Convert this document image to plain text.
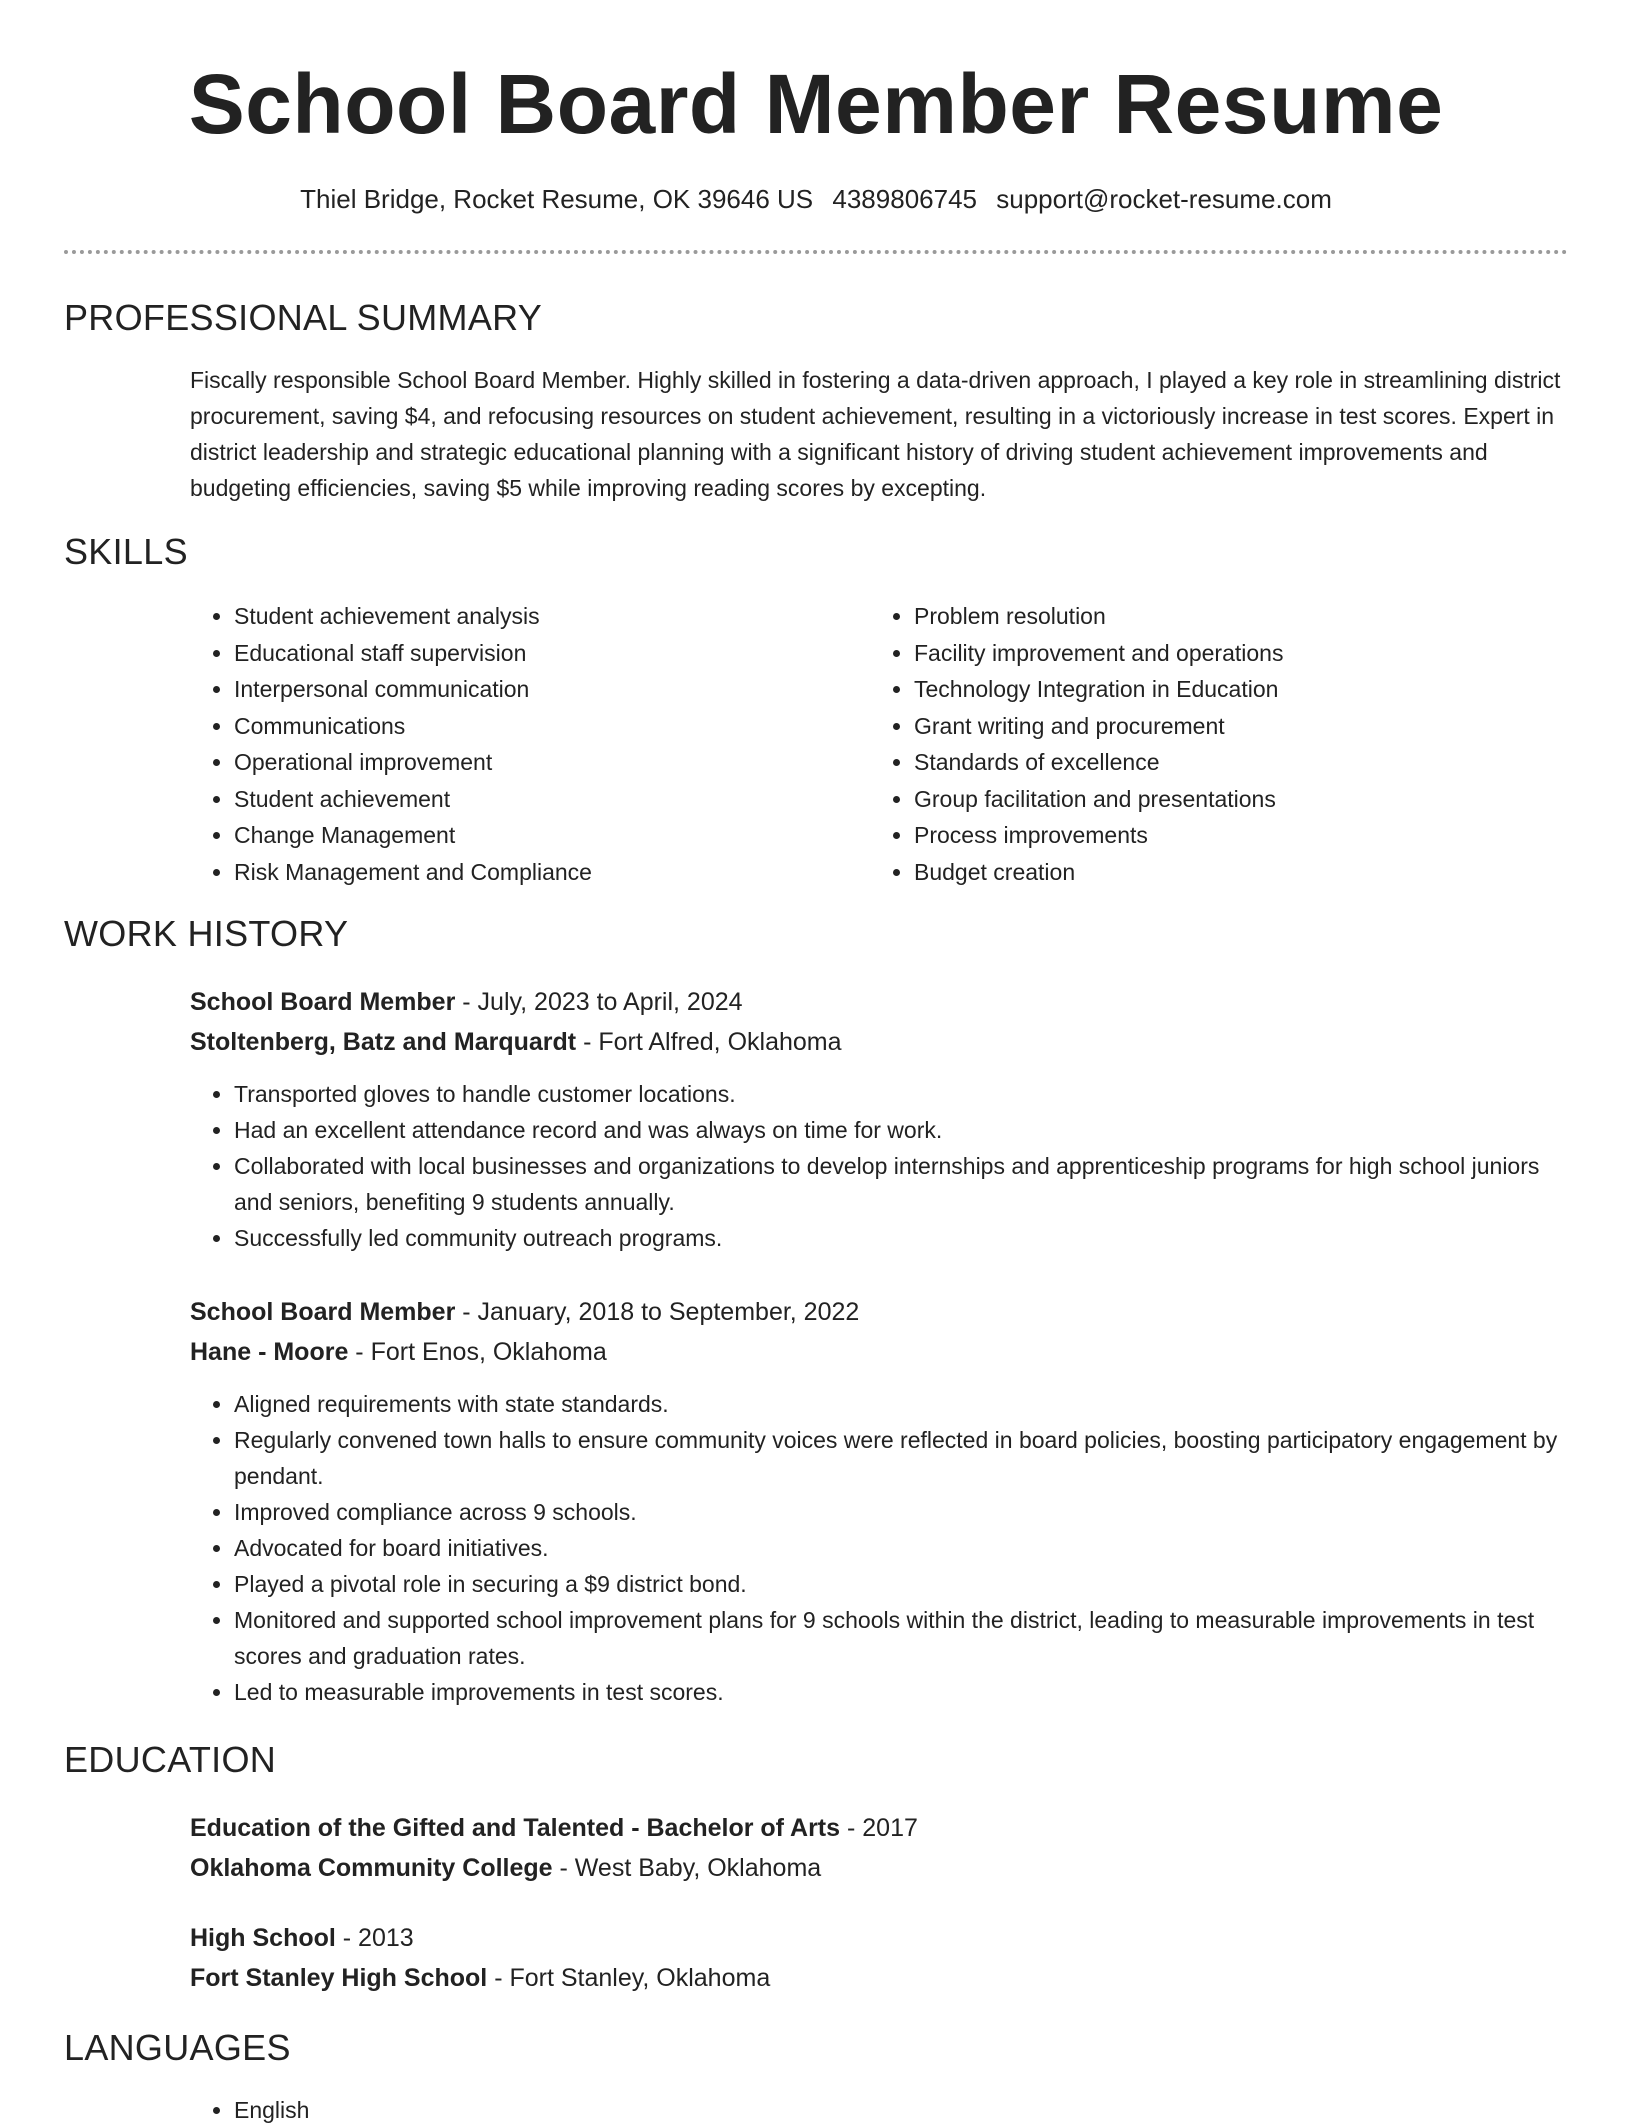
School Board Member Resume
Thiel Bridge, Rocket Resume, OK 39646 US 4389806745 support@rocket-resume.com
PROFESSIONAL SUMMARY

Fiscally responsible School Board Member. Highly skilled in fostering a data-driven approach, I played a key role in streamlining district procurement, saving $4, and refocusing resources on student achievement, resulting in a victoriously increase in test scores. Expert in district leadership and strategic educational planning with a significant history of driving student achievement improvements and budgeting efficiencies, saving $5 while improving reading scores by excepting.

SKILLS
• Student achievement analysis
• Educational staff supervision
• Interpersonal communication
• Communications
• Operational improvement
• Student achievement
• Change Management
• Risk Management and Compliance
• Problem resolution
• Facility improvement and operations
• Technology Integration in Education
• Grant writing and procurement
• Standards of excellence
• Group facilitation and presentations
• Process improvements
• Budget creation
WORK HISTORY
School Board Member - July, 2023 to April, 2024
Stoltenberg, Batz and Marquardt - Fort Alfred, Oklahoma
• Transported gloves to handle customer locations.
• Had an excellent attendance record and was always on time for work.
• Collaborated with local businesses and organizations to develop internships and apprenticeship programs for high school juniors and seniors, benefiting 9 students annually.
• Successfully led community outreach programs.
School Board Member - January, 2018 to September, 2022
Hane - Moore - Fort Enos, Oklahoma
• Aligned requirements with state standards.
• Regularly convened town halls to ensure community voices were reflected in board policies, boosting participatory engagement by pendant.
• Improved compliance across 9 schools.
• Advocated for board initiatives.
• Played a pivotal role in securing a $9 district bond.
• Monitored and supported school improvement plans for 9 schools within the district, leading to measurable improvements in test scores and graduation rates.
• Led to measurable improvements in test scores.
EDUCATION
Education of the Gifted and Talented - Bachelor of Arts - 2017
Oklahoma Community College - West Baby, Oklahoma
High School - 2013
Fort Stanley High School - Fort Stanley, Oklahoma
LANGUAGES
• English
